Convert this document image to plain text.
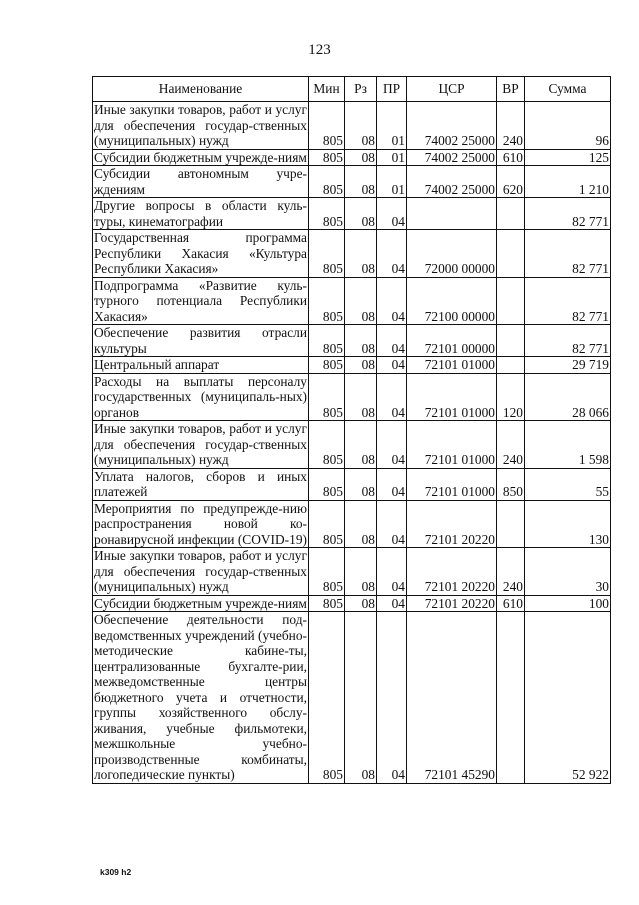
123
Наименование	Мин	Рз	ПР	ЦСР	ВР	Сумма
Иные закупки товаров, работ и услуг для обеспечения государ-ственных (муниципальных) нужд	805	08	01	74002 25000	240	96
Субсидии бюджетным учрежде-ниям	805	08	01	74002 25000	610	125
Субсидии автономным учре-ждениям	805	08	01	74002 25000	620	1 210
Другие вопросы в области куль-туры, кинематографии	805	08	04			82 771
Государственная программа Республики Хакасия «Культура Республики Хакасия»	805	08	04	72000 00000		82 771
Подпрограмма «Развитие куль-турного потенциала Республики Хакасия»	805	08	04	72100 00000		82 771
Обеспечение развития отрасли культуры	805	08	04	72101 00000		82 771
Центральный аппарат	805	08	04	72101 01000		29 719
Расходы на выплаты персоналу государственных (муниципаль-ных) органов	805	08	04	72101 01000	120	28 066
Иные закупки товаров, работ и услуг для обеспечения государ-ственных (муниципальных) нужд	805	08	04	72101 01000	240	1 598
Уплата налогов, сборов и иных платежей	805	08	04	72101 01000	850	55
Мероприятия по предупрежде-нию распространения новой ко-ронавирусной инфекции (COVID-19)	805	08	04	72101 20220		130
Иные закупки товаров, работ и услуг для обеспечения государ-ственных (муниципальных) нужд	805	08	04	72101 20220	240	30
Субсидии бюджетным учрежде-ниям	805	08	04	72101 20220	610	100
Обеспечение деятельности под-ведомственных учреждений (учебно-методические кабине-ты, централизованные бухгалте-рии, межведомственные центры бюджетного учета и отчетности, группы хозяйственного обслу-живания, учебные фильмотеки, межшкольные учебно-производственные комбинаты, логопедические пункты)	805	08	04	72101 45290		52 922
k309 h2
